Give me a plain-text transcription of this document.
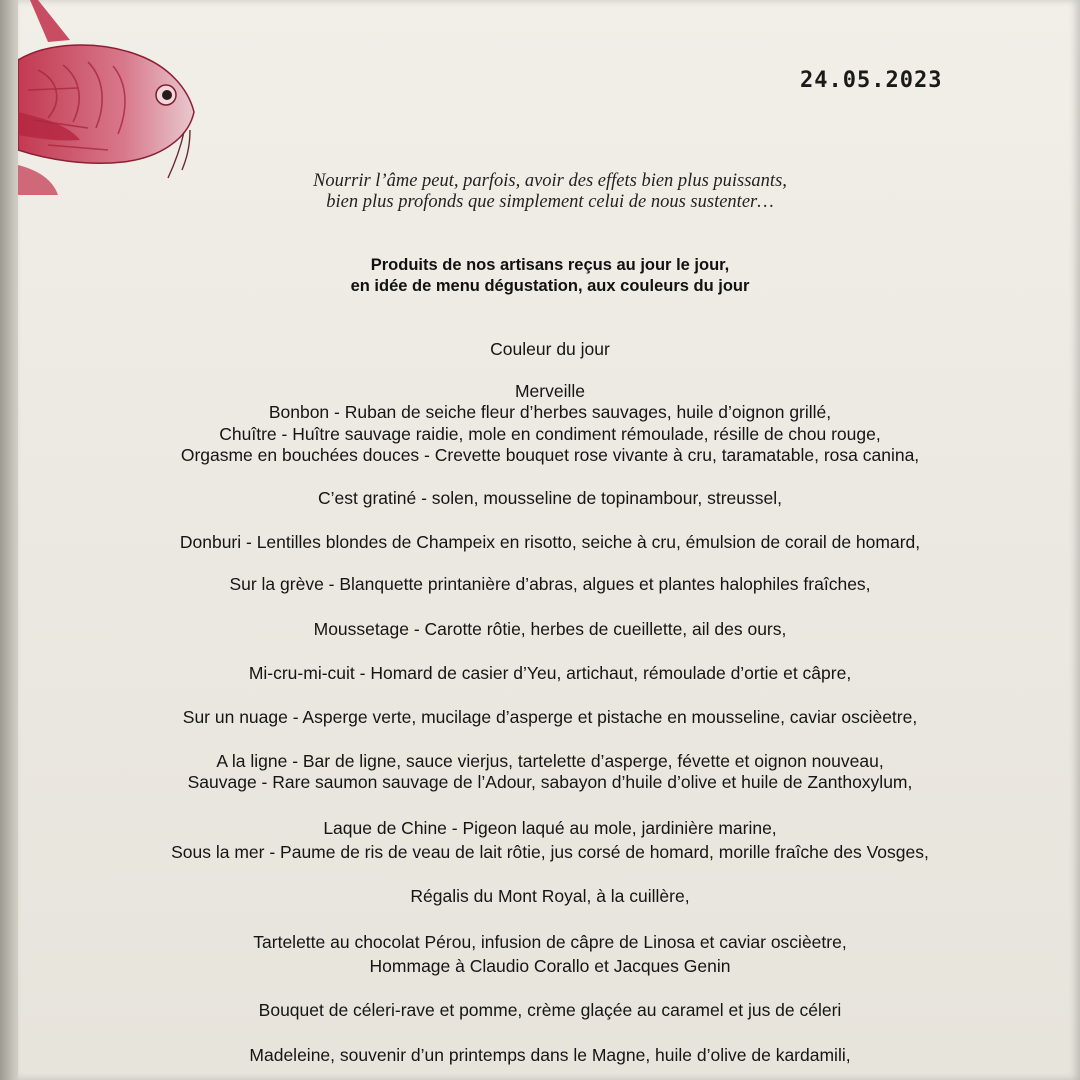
24.05.2023
Nourrir l’âme peut, parfois, avoir des effets bien plus puissants,
bien plus profonds que simplement celui de nous sustenter…
Produits de nos artisans reçus au jour le jour,
en idée de menu dégustation, aux couleurs du jour
Couleur du jour
Merveille
Bonbon - Ruban de seiche fleur d’herbes sauvages, huile d’oignon grillé,
Chuître - Huître sauvage raidie, mole en condiment rémoulade, résille de chou rouge,
Orgasme en bouchées douces - Crevette bouquet rose vivante à cru, taramatable, rosa canina,
C’est gratiné - solen, mousseline de topinambour, streussel,
Donburi - Lentilles blondes de Champeix en risotto, seiche à cru, émulsion de corail de homard,
Sur la grève - Blanquette printanière d’abras, algues et plantes halophiles fraîches,
Moussetage - Carotte rôtie, herbes de cueillette, ail des ours,
Mi-cru-mi-cuit - Homard de casier d’Yeu, artichaut, rémoulade d’ortie et câpre,
Sur un nuage - Asperge verte, mucilage d’asperge et pistache en mousseline, caviar oscièetre,
A la ligne - Bar de ligne, sauce vierjus, tartelette d’asperge, févette et oignon nouveau,
Sauvage - Rare saumon sauvage de l’Adour, sabayon d’huile d’olive et huile de Zanthoxylum,
Laque de Chine - Pigeon laqué au mole, jardinière marine,
Sous la mer - Paume de ris de veau de lait rôtie, jus corsé de homard, morille fraîche des Vosges,
Régalis du Mont Royal, à la cuillère,
Tartelette au chocolat Pérou, infusion de câpre de Linosa et caviar oscièetre,
Hommage à Claudio Corallo et Jacques Genin
Bouquet de céleri-rave et pomme, crème glaçée au caramel et jus de céleri
Madeleine, souvenir d’un printemps dans le Magne, huile d’olive de kardamili,
